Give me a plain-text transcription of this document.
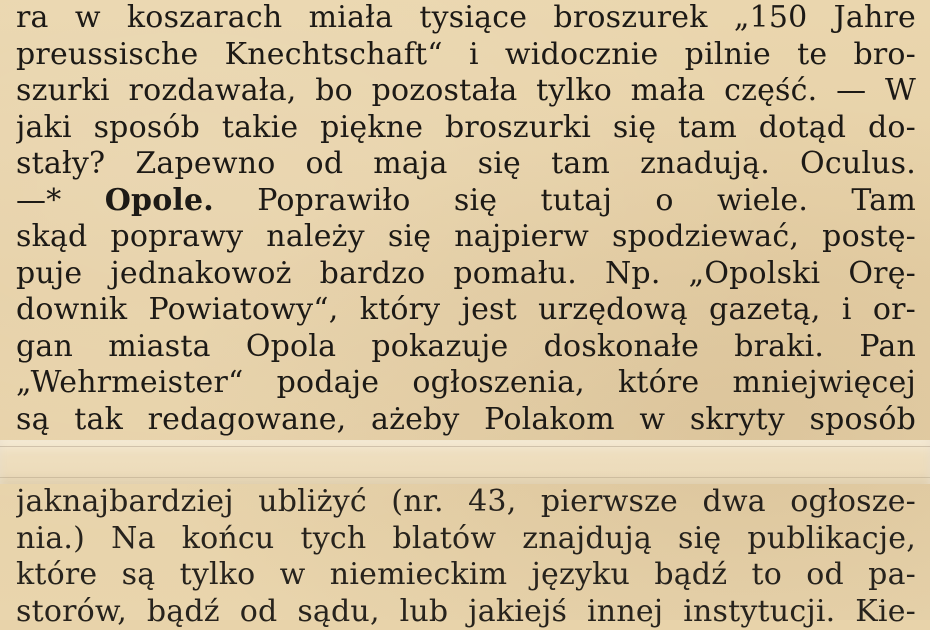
ra w koszarach miała tysiące broszurek „150 Jahre
preussische Knechtschaft“ i widocznie pilnie te bro-
szurki rozdawała, bo pozostała tylko mała część. — W
jaki sposób takie piękne broszurki się tam dotąd do-
stały? Zapewno od maja się tam znadują. Oculus.
—* Opole. Poprawiło się tutaj o wiele. Tam
skąd poprawy należy się najpierw spodziewać, postę-
puje jednakowoż bardzo pomału. Np. „Opolski Orę-
downik Powiatowy“, który jest urzędową gazetą, i or-
gan miasta Opola pokazuje doskonałe braki. Pan
„Wehrmeister“ podaje ogłoszenia, które mniejwięcej
są tak redagowane, ażeby Polakom w skryty sposób
jaknajbardziej ubliżyć (nr. 43, pierwsze dwa ogłosze-
nia.) Na końcu tych blatów znajdują się publikacje,
które są tylko w niemieckim języku bądź to od pa-
storów, bądź od sądu, lub jakiejś innej instytucji. Kie-
